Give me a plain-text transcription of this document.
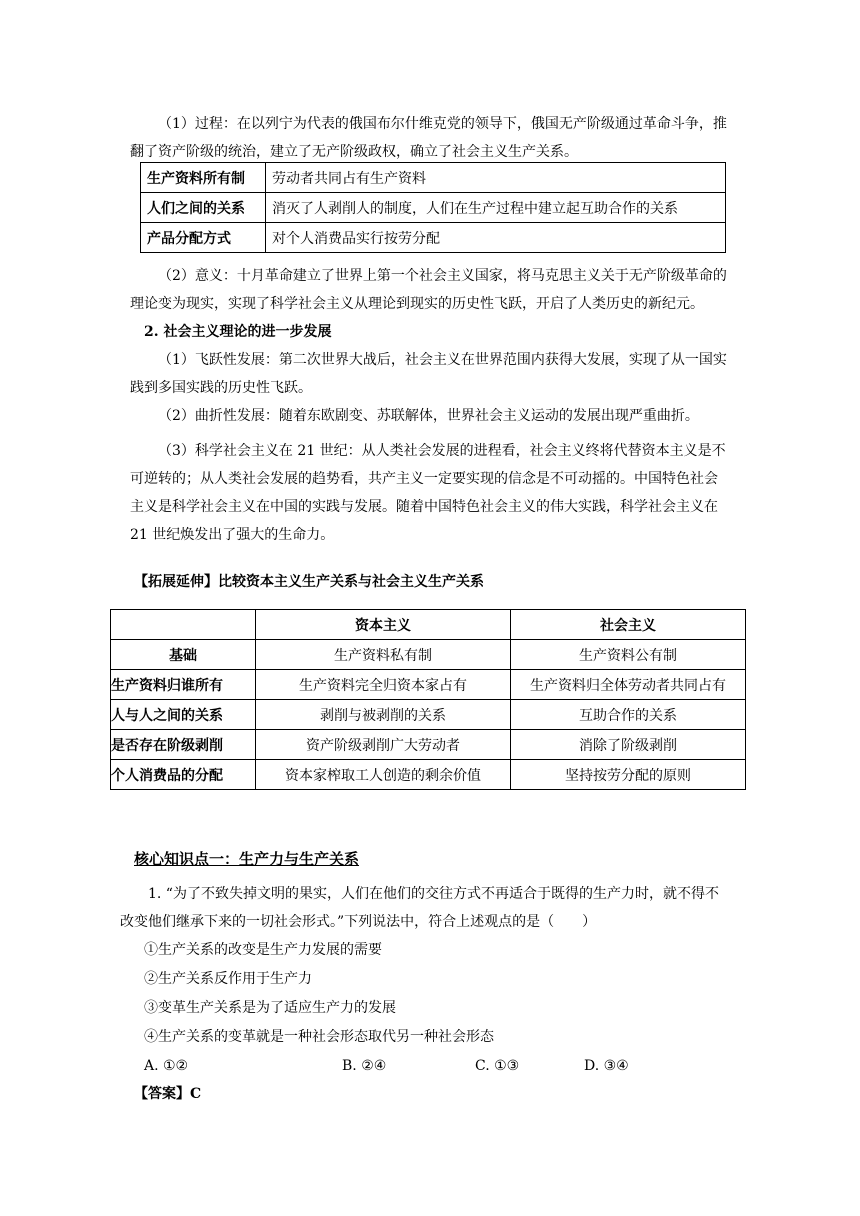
（1）过程：在以列宁为代表的俄国布尔什维克党的领导下，俄国无产阶级通过革命斗争，推翻了资产阶级的统治，建立了无产阶级政权，确立了社会主义生产关系。

生产资料所有制	劳动者共同占有生产资料
人们之间的关系	消灭了人剥削人的制度，人们在生产过程中建立起互助合作的关系
产品分配方式	对个人消费品实行按劳分配

（2）意义：十月革命建立了世界上第一个社会主义国家，将马克思主义关于无产阶级革命的理论变为现实，实现了科学社会主义从理论到现实的历史性飞跃，开启了人类历史的新纪元。

2. 社会主义理论的进一步发展

（1）飞跃性发展：第二次世界大战后，社会主义在世界范围内获得大发展，实现了从一国实践到多国实践的历史性飞跃。

（2）曲折性发展：随着东欧剧变、苏联解体，世界社会主义运动的发展出现严重曲折。

（3）科学社会主义在 21 世纪：从人类社会发展的进程看，社会主义终将代替资本主义是不可逆转的；从人类社会发展的趋势看，共产主义一定要实现的信念是不可动摇的。中国特色社会主义是科学社会主义在中国的实践与发展。随着中国特色社会主义的伟大实践，科学社会主义在 21 世纪焕发出了强大的生命力。

【拓展延伸】比较资本主义生产关系与社会主义生产关系

	资本主义	社会主义
基础	生产资料私有制	生产资料公有制
生产资料归谁所有	生产资料完全归资本家占有	生产资料归全体劳动者共同占有
人与人之间的关系	剥削与被剥削的关系	互助合作的关系
是否存在阶级剥削	资产阶级剥削广大劳动者	消除了阶级剥削
个人消费品的分配	资本家榨取工人创造的剩余价值	坚持按劳分配的原则
核心知识点一：生产力与生产关系

1. “为了不致失掉文明的果实，人们在他们的交往方式不再适合于既得的生产力时，就不得不改变他们继承下来的一切社会形式。”下列说法中，符合上述观点的是（　　）

①生产关系的改变是生产力发展的需要

②生产关系反作用于生产力

③变革生产关系是为了适应生产力的发展

④生产关系的变革就是一种社会形态取代另一种社会形态

A. ①②	B. ②④	C. ①③	D. ③④
【答案】C
